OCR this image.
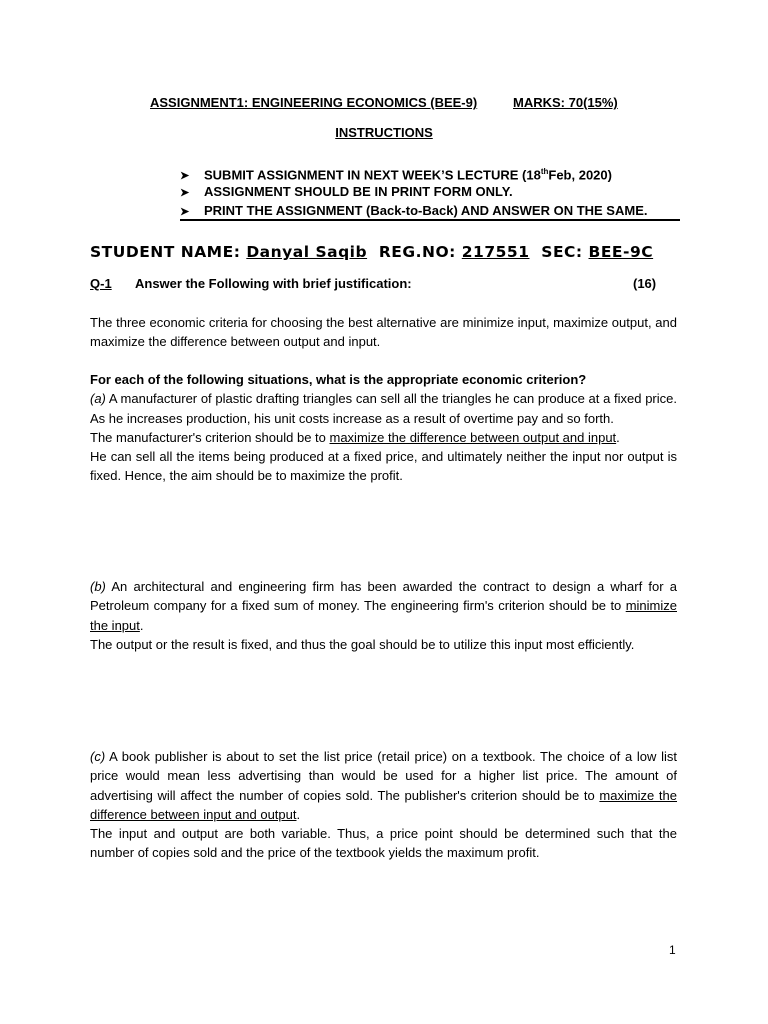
ASSIGNMENT1: ENGINEERING ECONOMICS (BEE-9)	MARKS: 70(15%)
INSTRUCTIONS
➤ SUBMIT ASSIGNMENT IN NEXT WEEK’S LECTURE (18thFeb, 2020)
➤ ASSIGNMENT SHOULD BE IN PRINT FORM ONLY.
➤ PRINT THE ASSIGNMENT (Back-to-Back) AND ANSWER ON THE SAME.
STUDENT NAME: Danyal Saqib REG.NO: 217551 SEC: BEE-9C
Q-1 Answer the Following with brief justification:	(16)

The three economic criteria for choosing the best alternative are minimize input, maximize output, and maximize the difference between output and input.

For each of the following situations, what is the appropriate economic criterion?

(a) A manufacturer of plastic drafting triangles can sell all the triangles he can produce at a fixed price. As he increases production, his unit costs increase as a result of overtime pay and so forth.

The manufacturer's criterion should be to maximize the difference between output and input.

He can sell all the items being produced at a fixed price, and ultimately neither the input nor output is fixed. Hence, the aim should be to maximize the profit.

(b) An architectural and engineering firm has been awarded the contract to design a wharf for a Petroleum company for a fixed sum of money. The engineering firm's criterion should be to minimize the input.

The output or the result is fixed, and thus the goal should be to utilize this input most efficiently.

(c) A book publisher is about to set the list price (retail price) on a textbook. The choice of a low list price would mean less advertising than would be used for a higher list price. The amount of advertising will affect the number of copies sold. The publisher's criterion should be to maximize the difference between input and output.

The input and output are both variable. Thus, a price point should be determined such that the number of copies sold and the price of the textbook yields the maximum profit.

1
